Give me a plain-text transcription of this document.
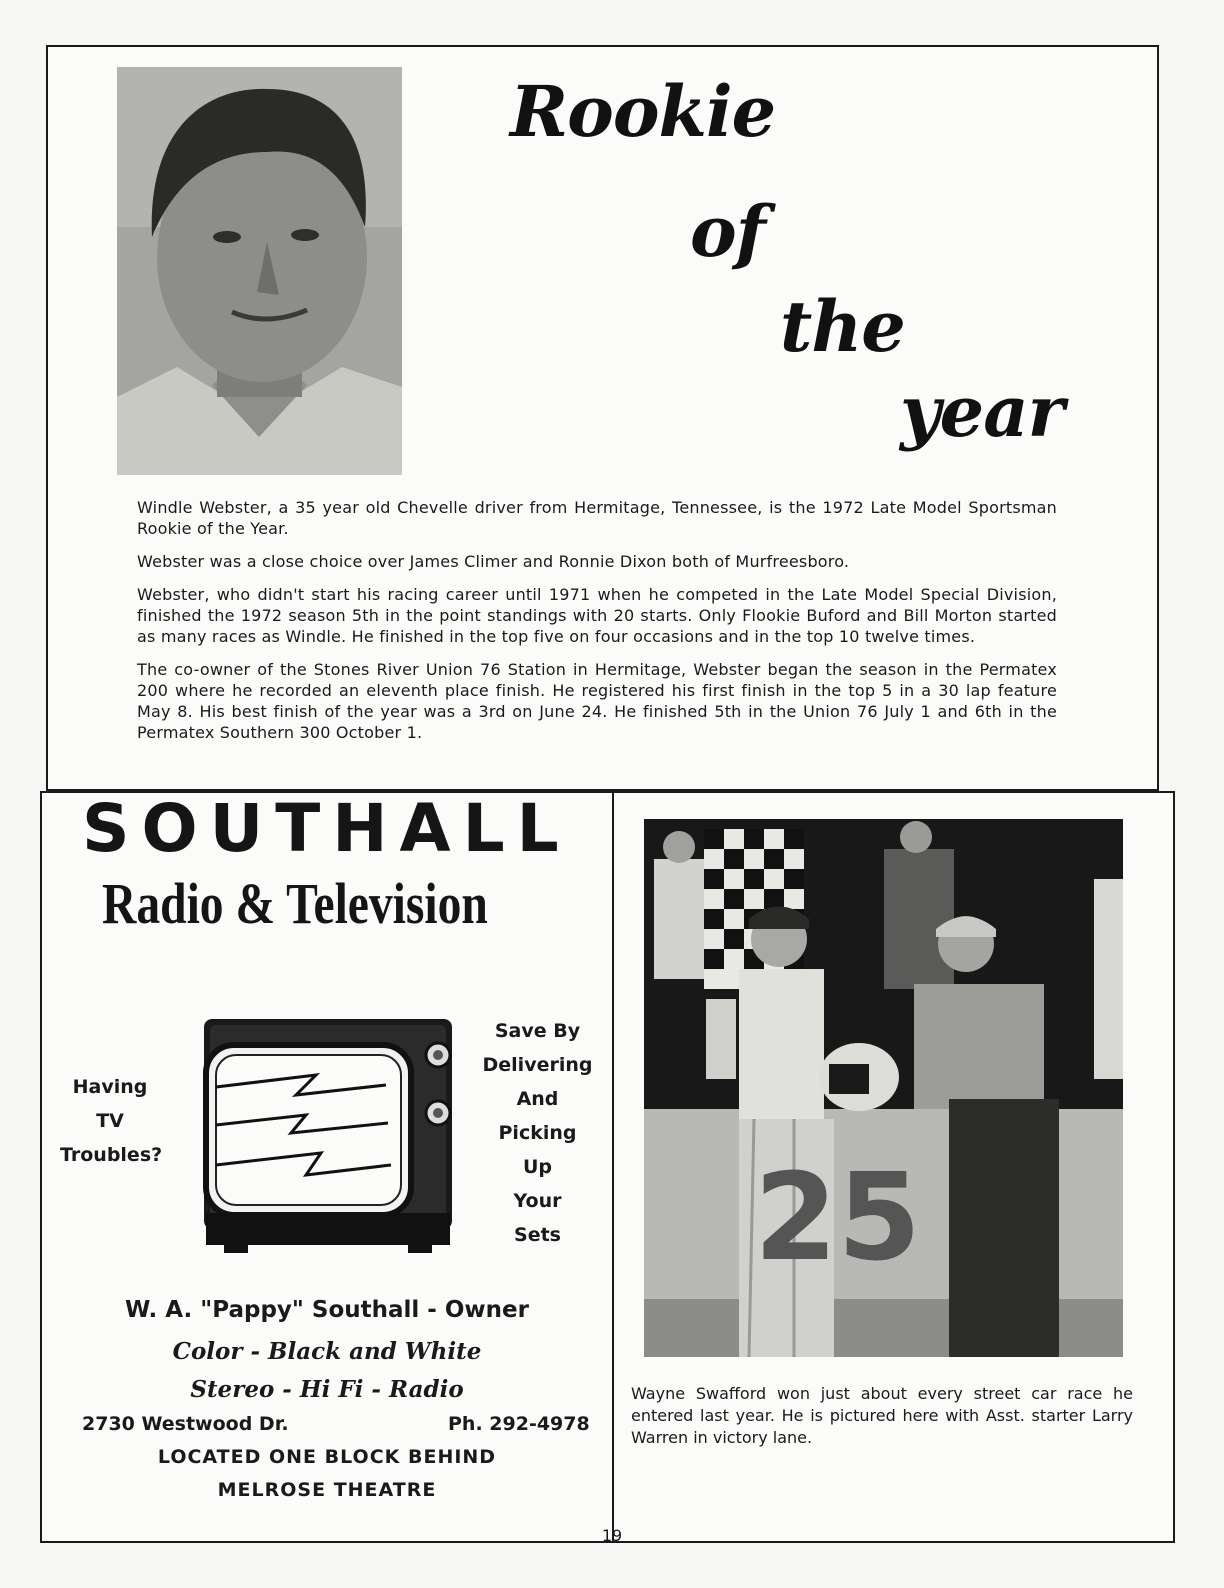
Rookie
of
the
year

Windle Webster, a 35 year old Chevelle driver from Hermitage, Tennessee, is the 1972 Late Model Sportsman Rookie of the Year.

Webster was a close choice over James Climer and Ronnie Dixon both of Murfreesboro.

Webster, who didn't start his racing career until 1971 when he competed in the Late Model Special Division, finished the 1972 season 5th in the point standings with 20 starts. Only Flookie Buford and Bill Morton started as many races as Windle. He finished in the top five on four occasions and in the top 10 twelve times.

The co-owner of the Stones River Union 76 Station in Hermitage, Webster began the season in the Permatex 200 where he recorded an eleventh place finish. He registered his first finish in the top 5 in a 30 lap feature May 8. His best finish of the year was a 3rd on June 24. He finished 5th in the Union 76 July 1 and 6th in the Permatex Southern 300 October 1.

SOUTHALL
Radio & Television
Having
TV
Troubles?
Save By
Delivering
And
Picking
Up
Your
Sets
W. A. "Pappy" Southall - Owner
Color - Black and White
Stereo - Hi Fi - Radio
2730 Westwood Dr.	Ph. 292-4978
LOCATED ONE BLOCK BEHIND
MELROSE THEATRE
25
Wayne Swafford won just about every street car race he entered last year. He is pictured here with Asst. starter Larry Warren in victory lane.
19
